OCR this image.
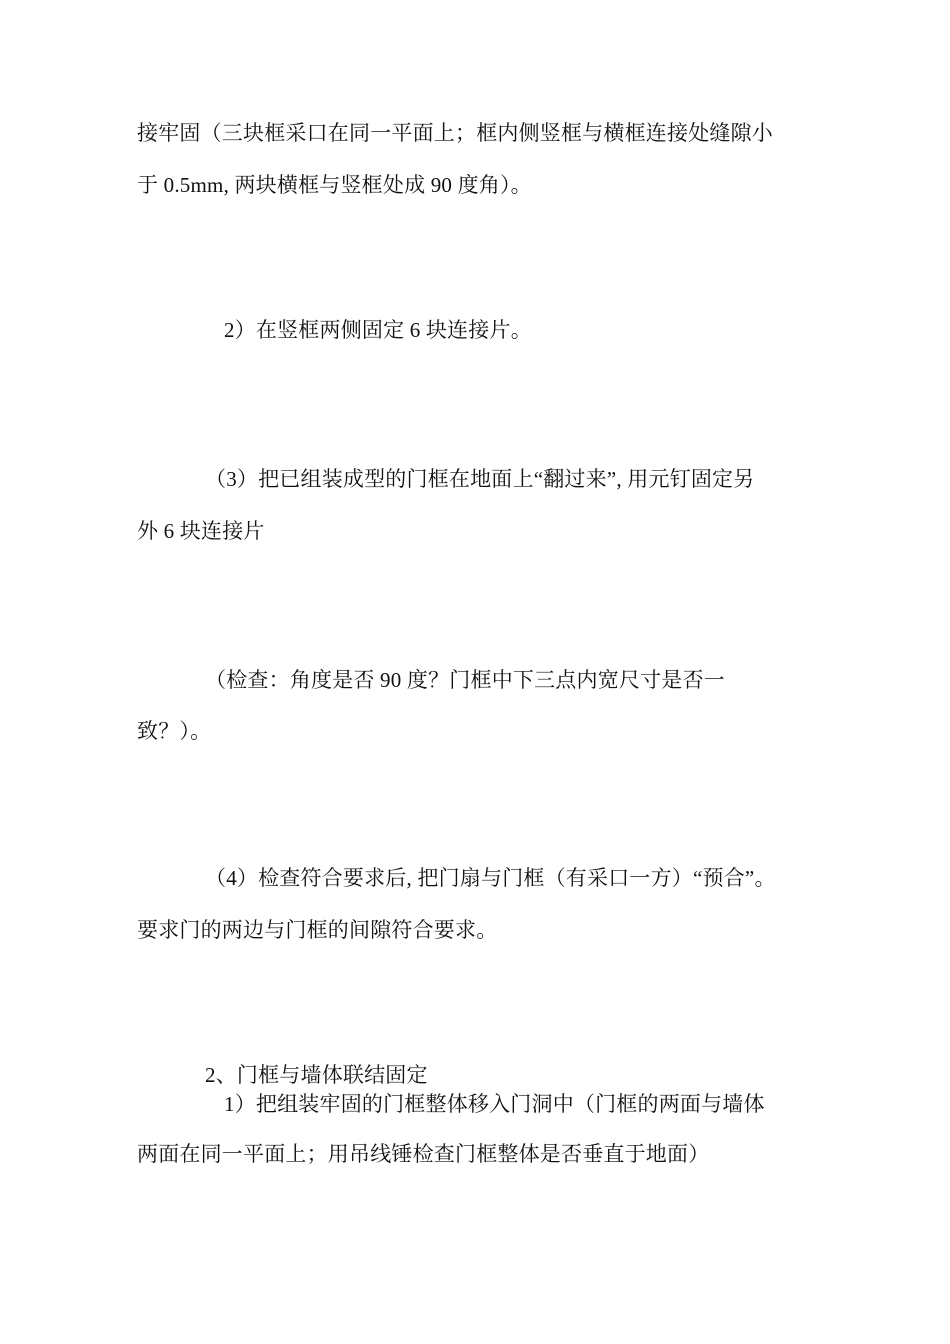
接牢固（三块框采口在同一平面上；框内侧竖框与横框连接处缝隙小
于 0.5mm, 两块横框与竖框处成 90 度角）。
2）在竖框两侧固定 6 块连接片。
（3）把已组装成型的门框在地面上“翻过来”, 用元钉固定另
外 6 块连接片
（检查：角度是否 90 度？门框中下三点内宽尺寸是否一
致？）。
（4）检查符合要求后, 把门扇与门框（有采口一方）“预合”。
要求门的两边与门框的间隙符合要求。
2、门框与墙体联结固定
1）把组装牢固的门框整体移入门洞中（门框的两面与墙体
两面在同一平面上；用吊线锤检查门框整体是否垂直于地面）
